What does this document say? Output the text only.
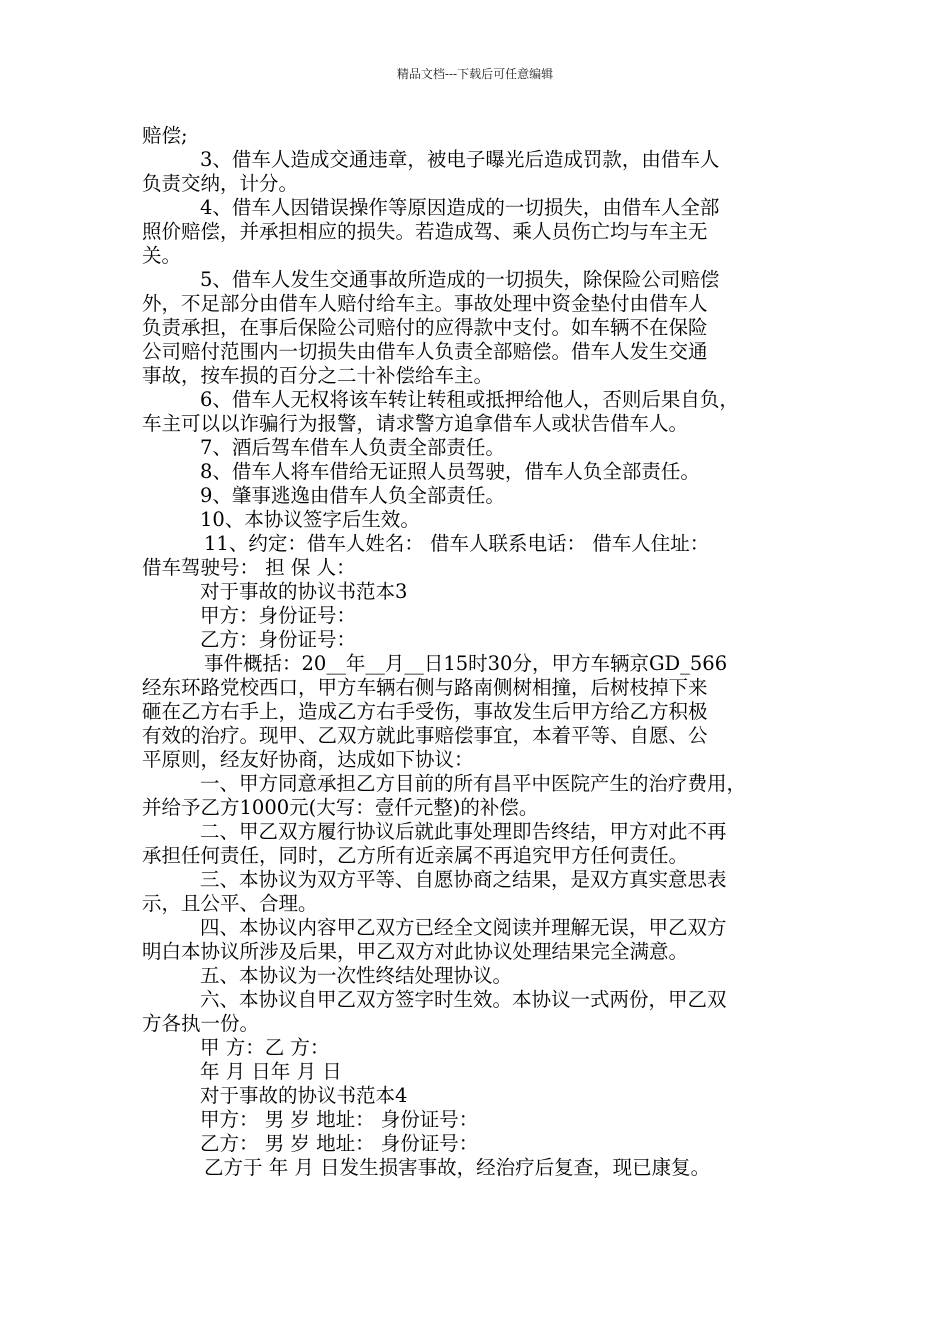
精品文档---下载后可任意编辑
赔偿;
3、借车人造成交通违章，被电子曝光后造成罚款，由借车人
负责交纳，计分。
4、借车人因错误操作等原因造成的一切损失，由借车人全部
照价赔偿，并承担相应的损失。若造成驾、乘人员伤亡均与车主无
关。
5、借车人发生交通事故所造成的一切损失，除保险公司赔偿
外，不足部分由借车人赔付给车主。事故处理中资金垫付由借车人
负责承担，在事后保险公司赔付的应得款中支付。如车辆不在保险
公司赔付范围内一切损失由借车人负责全部赔偿。借车人发生交通
事故，按车损的百分之二十补偿给车主。
6、借车人无权将该车转让转租或抵押给他人，否则后果自负，
车主可以以诈骗行为报警，请求警方追拿借车人或状告借车人。
7、酒后驾车借车人负责全部责任。
8、借车人将车借给无证照人员驾驶，借车人负全部责任。
9、肇事逃逸由借车人负全部责任。
10、本协议签字后生效。
11、约定：借车人姓名： 借车人联系电话： 借车人住址：
借车驾驶号： 担 保 人：
对于事故的协议书范本3
甲方：身份证号：
乙方：身份证号：
事件概括：20__年__月__日15时30分，甲方车辆京GD_566
经东环路党校西口，甲方车辆右侧与路南侧树相撞，后树枝掉下来
砸在乙方右手上，造成乙方右手受伤，事故发生后甲方给乙方积极
有效的治疗。现甲、乙双方就此事赔偿事宜，本着平等、自愿、公
平原则，经友好协商，达成如下协议：
一、甲方同意承担乙方目前的所有昌平中医院产生的治疗费用，
并给予乙方1000元(大写：壹仟元整)的补偿。
二、甲乙双方履行协议后就此事处理即告终结，甲方对此不再
承担任何责任，同时，乙方所有近亲属不再追究甲方任何责任。
三、本协议为双方平等、自愿协商之结果，是双方真实意思表
示，且公平、合理。
四、本协议内容甲乙双方已经全文阅读并理解无误，甲乙双方
明白本协议所涉及后果，甲乙双方对此协议处理结果完全满意。
五、本协议为一次性终结处理协议。
六、本协议自甲乙双方签字时生效。本协议一式两份，甲乙双
方各执一份。
甲 方：乙 方：
年 月 日年 月 日
对于事故的协议书范本4
甲方： 男 岁 地址： 身份证号：
乙方： 男 岁 地址： 身份证号：
乙方于 年 月 日发生损害事故，经治疗后复查，现已康复。
